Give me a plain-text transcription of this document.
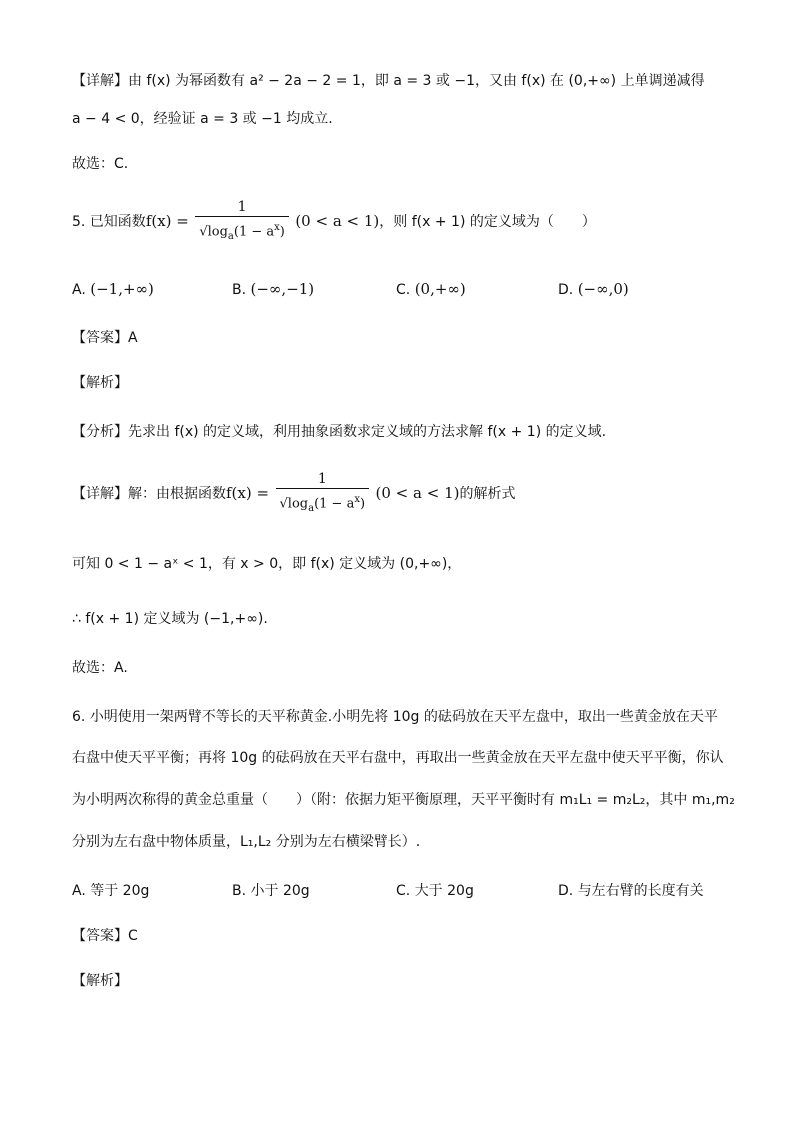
【详解】由 f(x) 为幂函数有 a² − 2a − 2 = 1，即 a = 3 或 −1，又由 f(x) 在 (0,+∞) 上单调递减得
a − 4 < 0，经验证 a = 3 或 −1 均成立.
故选：C.
5. 已知函数$f(x) = \frac{1}{√\log_a(1 - a^x)} (0 < a < 1)$，则 f(x + 1) 的定义域为（　　）
A. (−1,+∞)	B. (−∞,−1)	C. (0,+∞)	D. (−∞,0)
【答案】A
【解析】
【分析】先求出 f(x) 的定义域，利用抽象函数求定义域的方法求解 f(x + 1) 的定义域.
【详解】解：由根据函数$f(x) = \frac{1}{√\log_a(1 - a^x)} (0 < a < 1)$的解析式
可知 0 < 1 − aˣ < 1，有 x > 0，即 f(x) 定义域为 (0,+∞)，
∴ f(x + 1) 定义域为 (−1,+∞).
故选：A.
6. 小明使用一架两臂不等长的天平称黄金.小明先将 10g 的砝码放在天平左盘中，取出一些黄金放在天平
右盘中使天平平衡；再将 10g 的砝码放在天平右盘中，再取出一些黄金放在天平左盘中使天平平衡，你认
为小明两次称得的黄金总重量（　　）（附：依据力矩平衡原理，天平平衡时有 m₁L₁ = m₂L₂，其中 m₁,m₂
分别为左右盘中物体质量，L₁,L₂ 分别为左右横梁臂长）.
A. 等于 20g	B. 小于 20g	C. 大于 20g	D. 与左右臂的长度有关
【答案】C
【解析】
